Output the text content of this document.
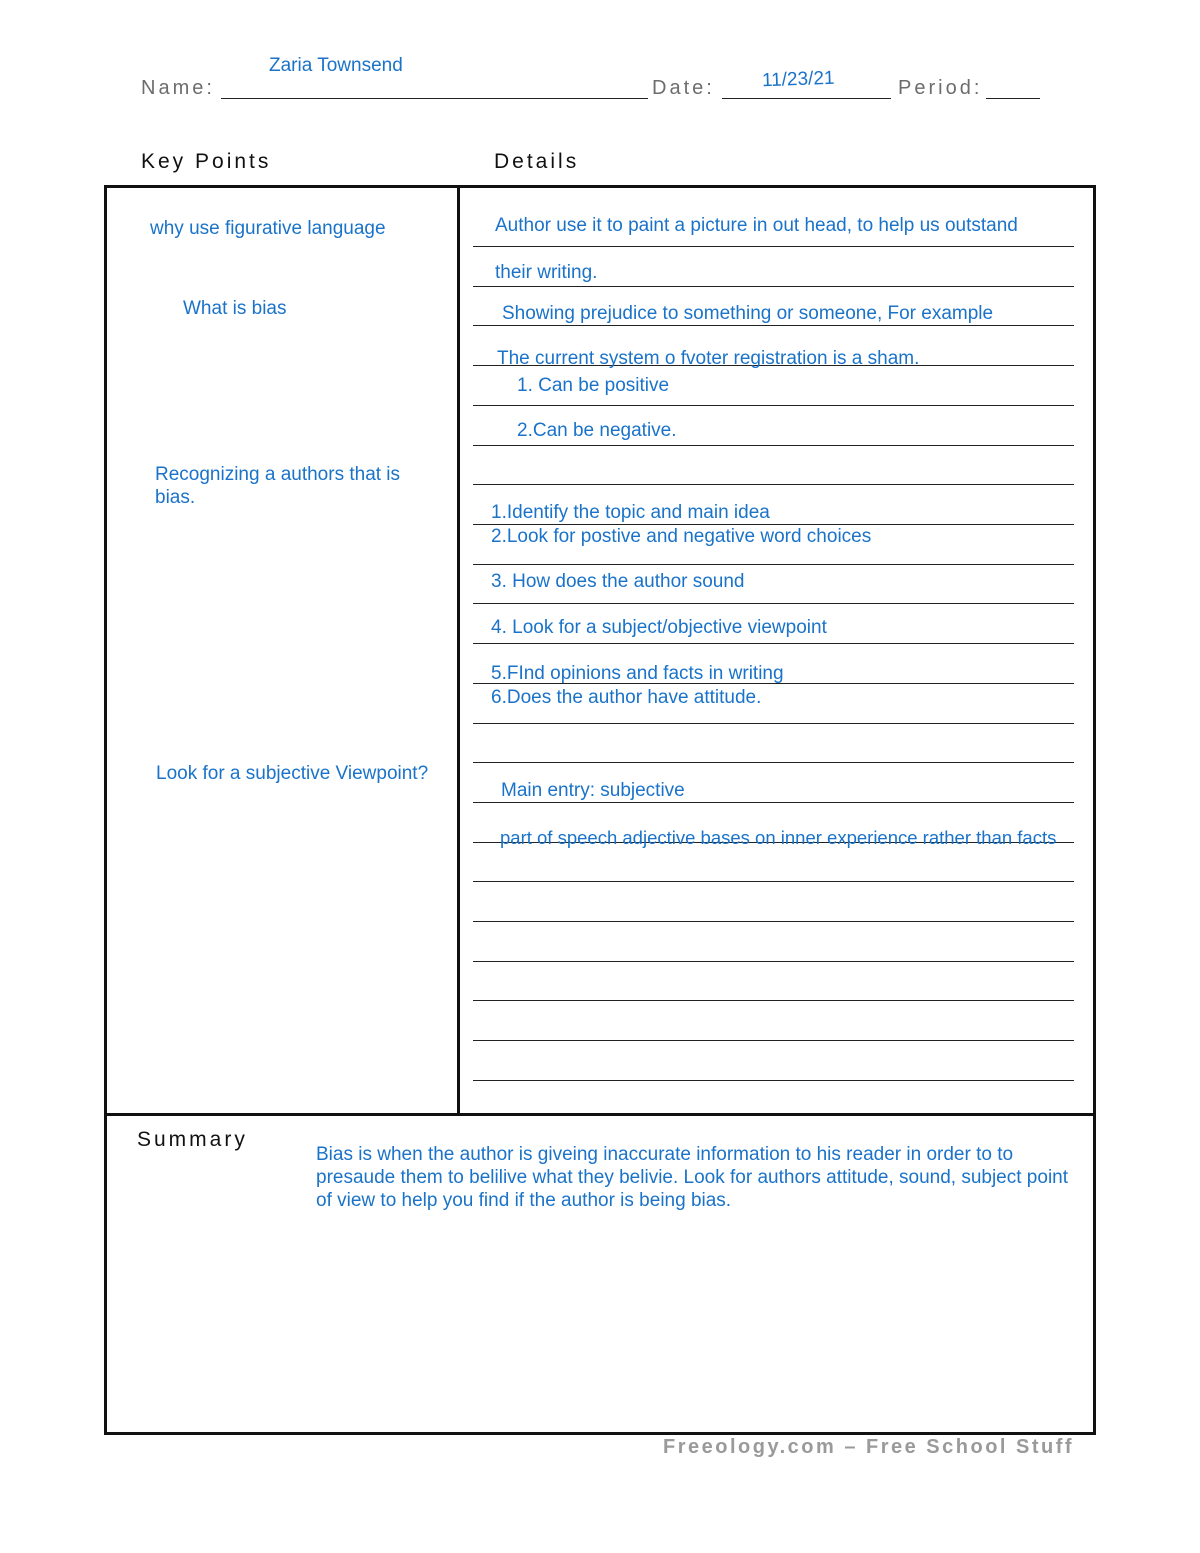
Name:
Zaria Townsend
Date: 11/23/21	Period:
Key Points	Details
why use figurative language
What is bias
Recognizing a authors that is
bias.
Look for a subjective Viewpoint?
Author use it to paint a picture in out head, to help us outstand
their writing.
Showing prejudice to something or someone, For example
The current system o fvoter registration is a sham.
1. Can be positive
2.Can be negative.
1.Identify the topic and main idea
2.Look for postive and negative word choices
3. How does the author sound
4. Look for a subject/objective viewpoint
5.FInd opinions and facts in writing
6.Does the author have attitude.
Main entry: subjective
part of speech adjective bases on inner experience rather than facts
Summary
Bias is when the author is giveing inaccurate information to his reader in order to to presaude them to belilive what they belivie. Look for authors attitude, sound, subject point of view to help you find if the author is being bias.
Freeology.com – Free School Stuff
